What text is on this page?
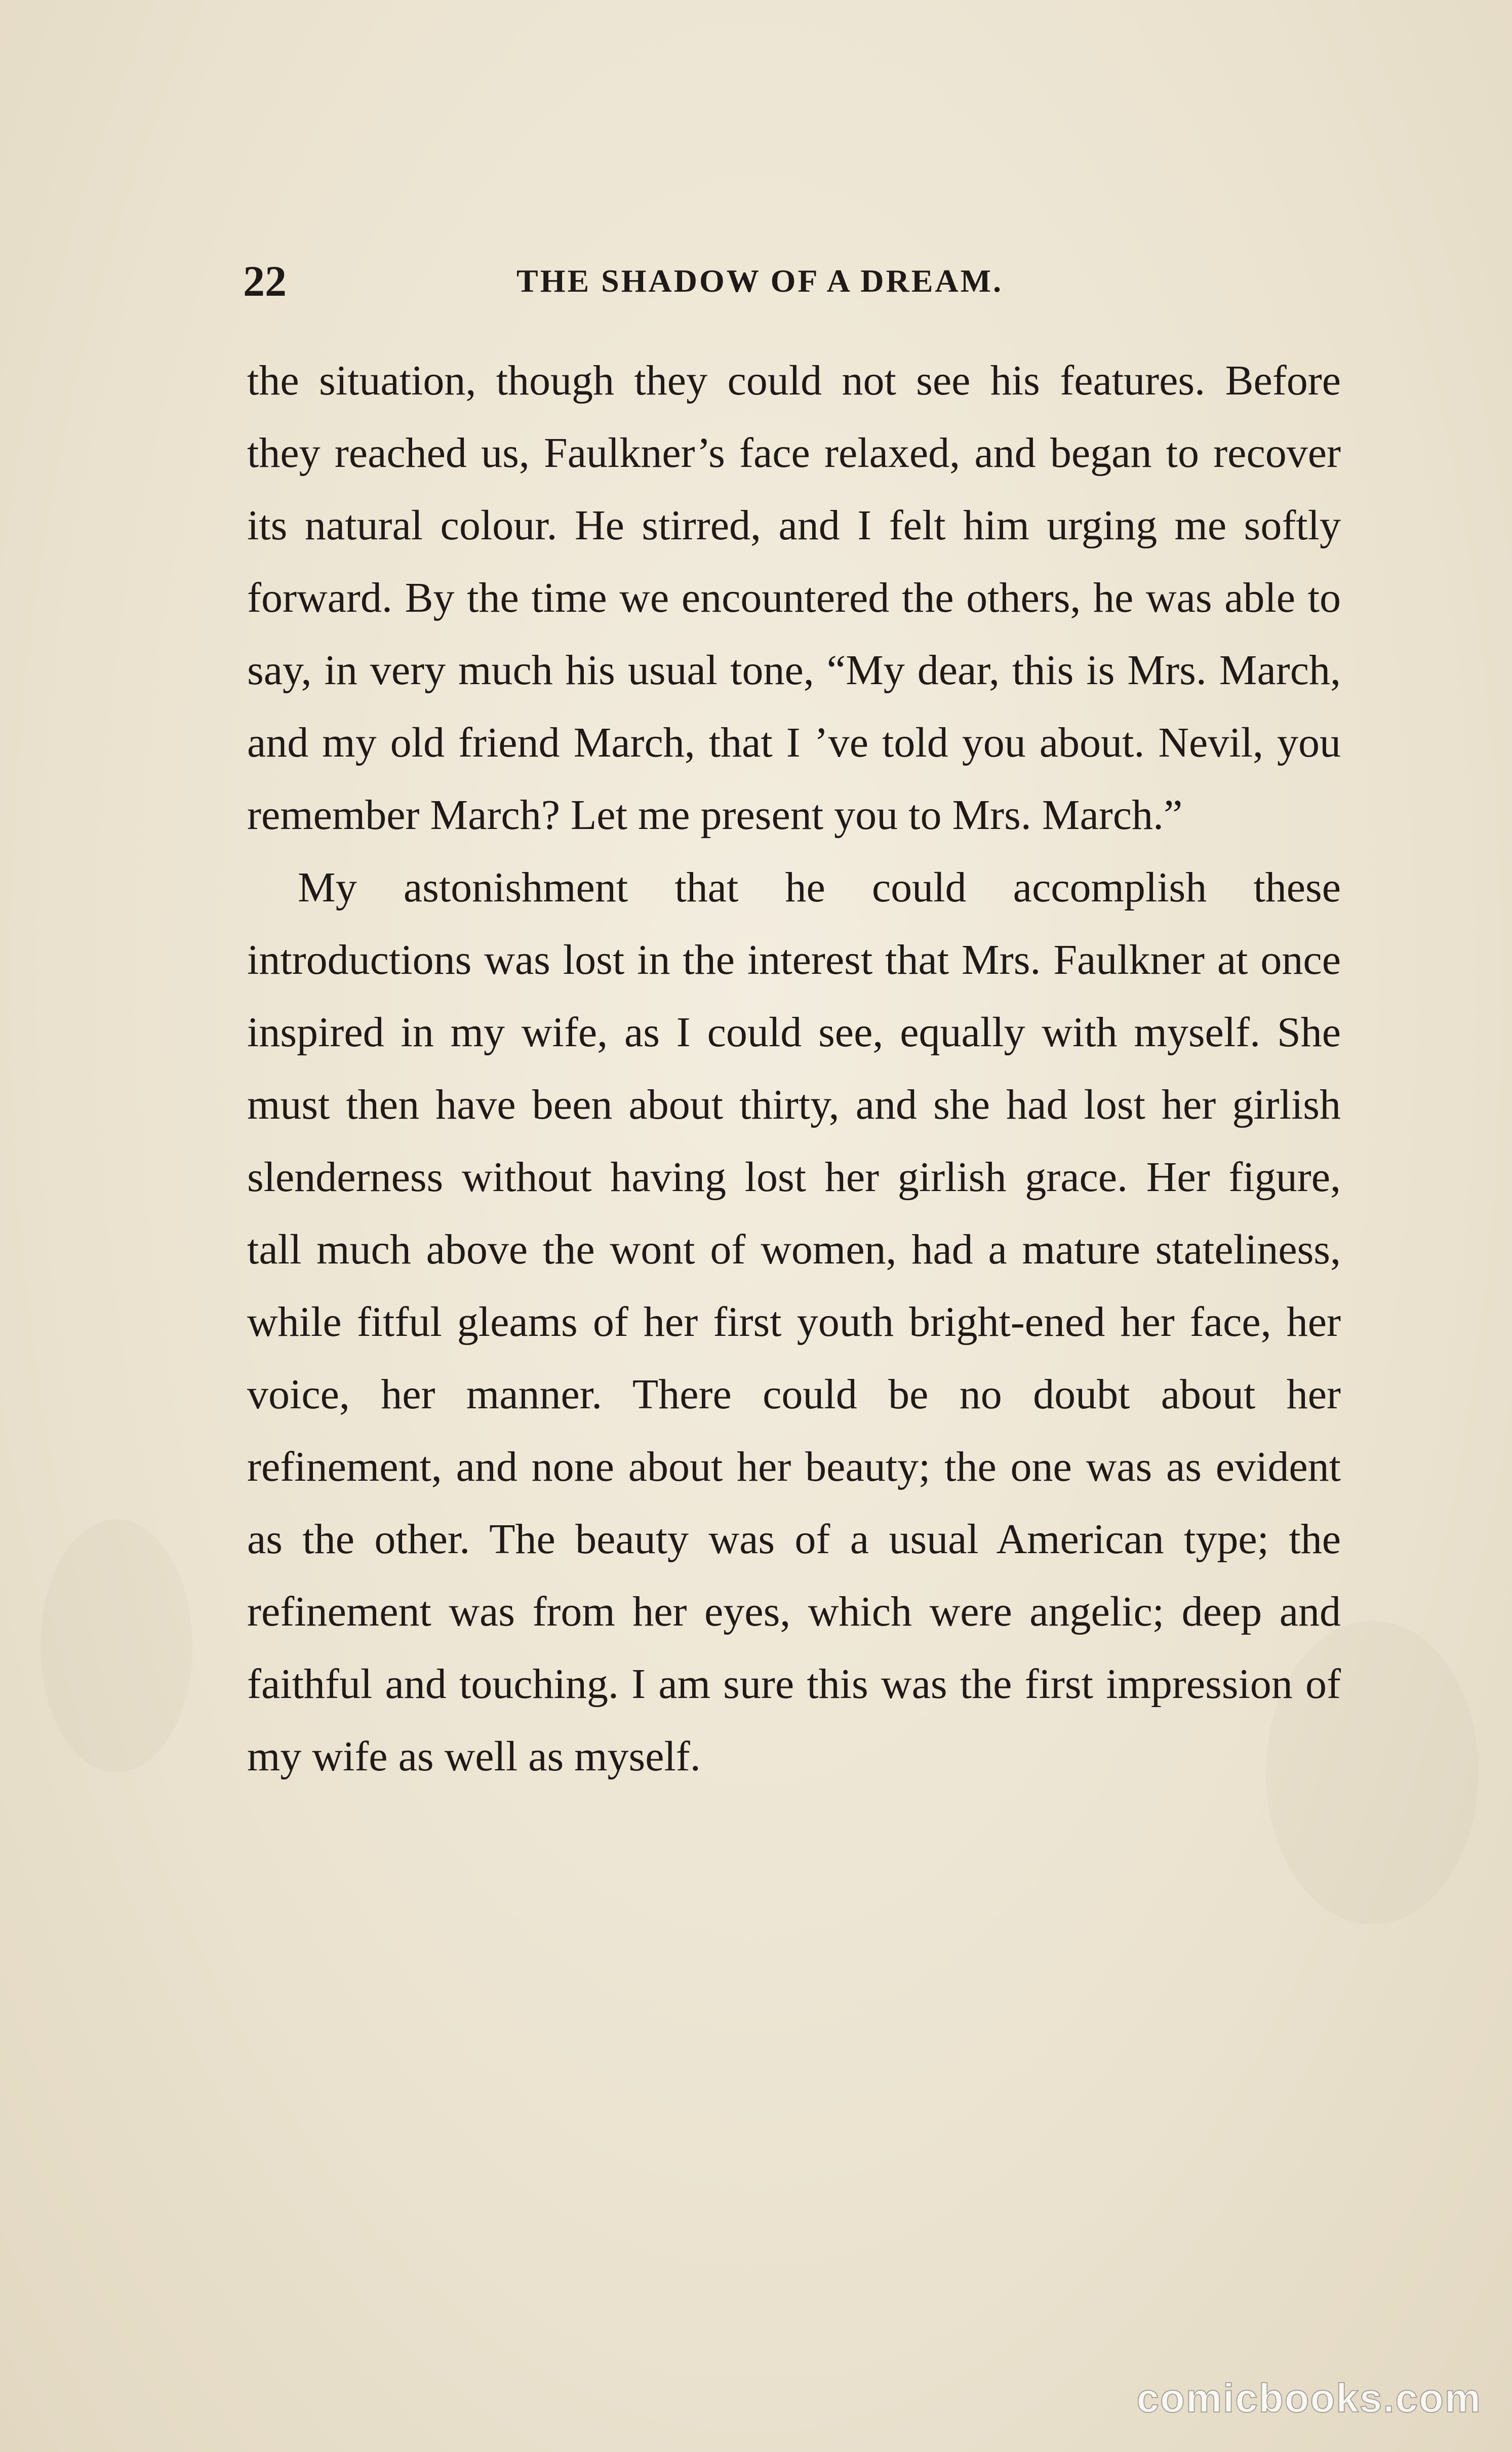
22	THE SHADOW OF A DREAM.

the situation, though they could not see his features. Before they reached us, Faulkner’s face relaxed, and began to recover its natural colour. He stirred, and I felt him urging me softly forward. By the time we encountered the others, he was able to say, in very much his usual tone, “My dear, this is Mrs. March, and my old friend March, that I ’ve told you about. Nevil, you remember March? Let me present you to Mrs. March.”

My astonishment that he could accomplish these introductions was lost in the interest that Mrs. Faulkner at once inspired in my wife, as I could see, equally with myself. She must then have been about thirty, and she had lost her girlish slenderness without having lost her girlish grace. Her figure, tall much above the wont of women, had a mature stateliness, while fitful gleams of her first youth bright-ened her face, her voice, her manner. There could be no doubt about her refinement, and none about her beauty; the one was as evident as the other. The beauty was of a usual American type; the refinement was from her eyes, which were angelic; deep and faithful and touching. I am sure this was the first impression of my wife as well as myself.

comicbooks.com
